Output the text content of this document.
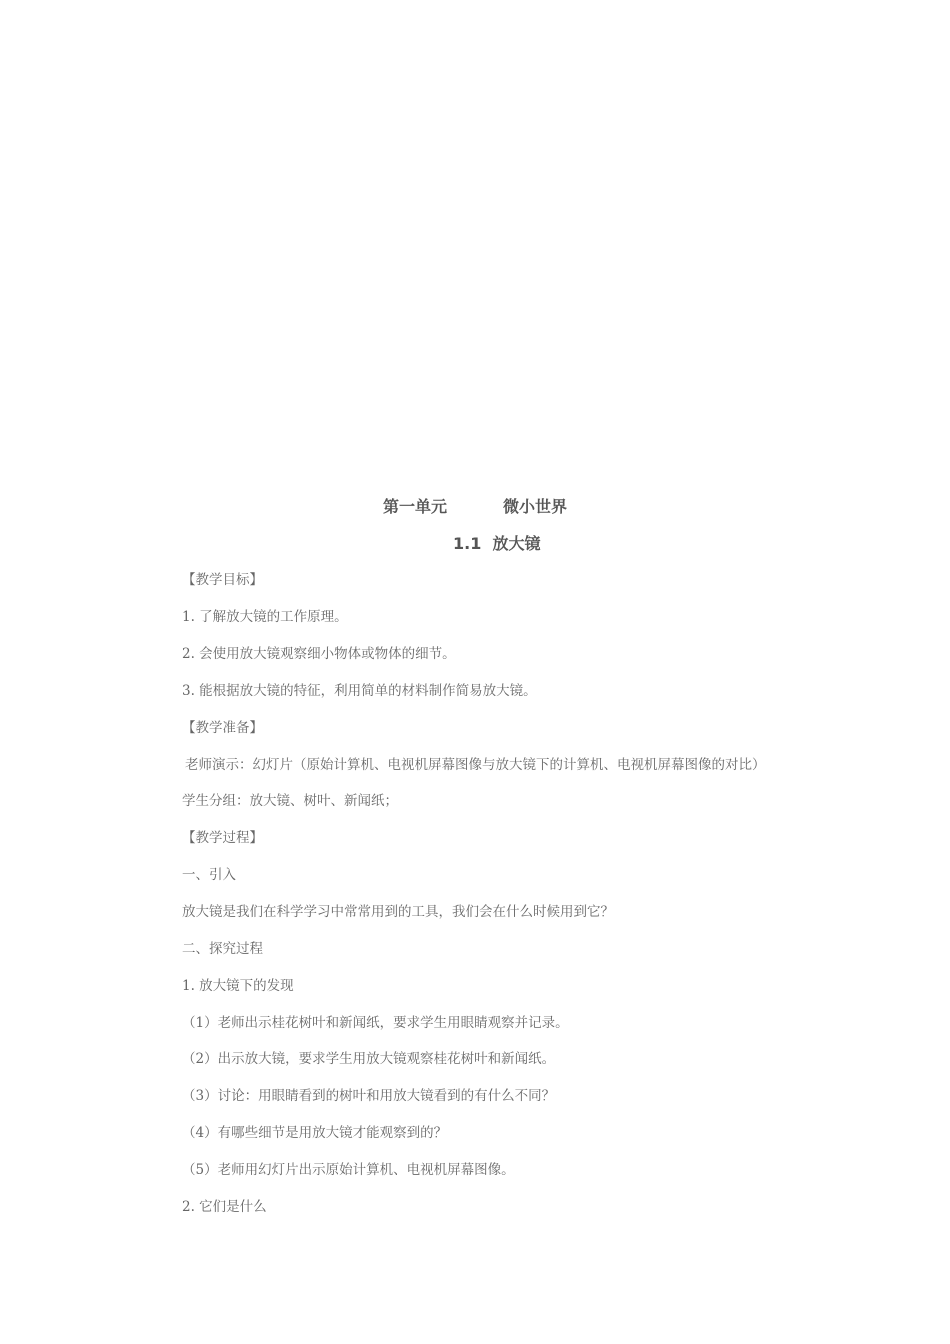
第一单元	微小世界
1.1  放大镜
【教学目标】
1. 了解放大镜的工作原理。
2. 会使用放大镜观察细小物体或物体的细节。
3. 能根据放大镜的特征，利用简单的材料制作简易放大镜。
【教学准备】
老师演示：幻灯片（原始计算机、电视机屏幕图像与放大镜下的计算机、电视机屏幕图像的对比）
学生分组：放大镜、树叶、新闻纸；
【教学过程】
一、引入
放大镜是我们在科学学习中常常用到的工具，我们会在什么时候用到它？
二、探究过程
1. 放大镜下的发现
（1）老师出示桂花树叶和新闻纸，要求学生用眼睛观察并记录。
（2）出示放大镜，要求学生用放大镜观察桂花树叶和新闻纸。
（3）讨论：用眼睛看到的树叶和用放大镜看到的有什么不同？
（4）有哪些细节是用放大镜才能观察到的？
（5）老师用幻灯片出示原始计算机、电视机屏幕图像。
2. 它们是什么
